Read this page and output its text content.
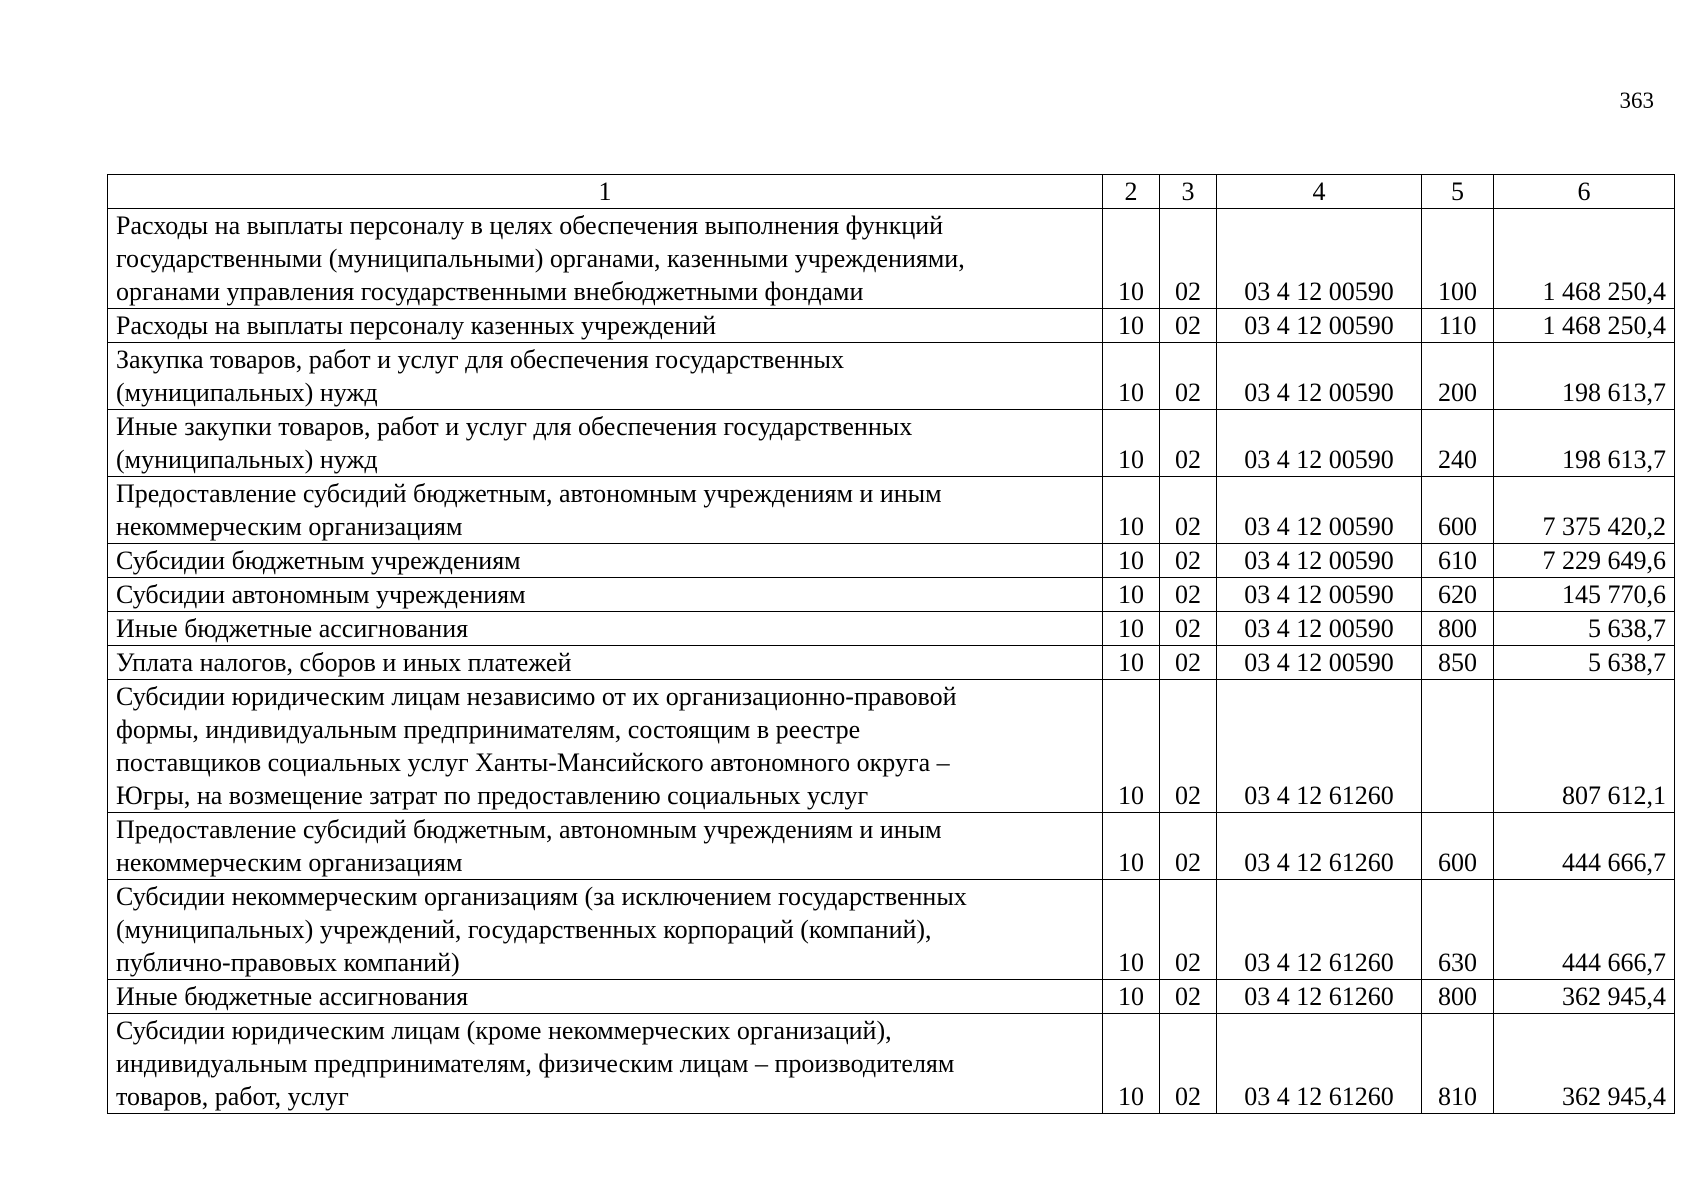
363
1	2	3	4	5	6

Расходы на выплаты персоналу в целях обеспечения выполнения функций
государственными (муниципальными) органами, казенными учреждениями,
органами управления государственными внебюджетными фондами	10	02	03 4 12 00590	100	1 468 250,4

Расходы на выплаты персоналу казенных учреждений	10	02	03 4 12 00590	110	1 468 250,4

Закупка товаров, работ и услуг для обеспечения государственных
(муниципальных) нужд	10	02	03 4 12 00590	200	198 613,7

Иные закупки товаров, работ и услуг для обеспечения государственных
(муниципальных) нужд	10	02	03 4 12 00590	240	198 613,7

Предоставление субсидий бюджетным, автономным учреждениям и иным
некоммерческим организациям	10	02	03 4 12 00590	600	7 375 420,2

Субсидии бюджетным учреждениям	10	02	03 4 12 00590	610	7 229 649,6

Субсидии автономным учреждениям	10	02	03 4 12 00590	620	145 770,6

Иные бюджетные ассигнования	10	02	03 4 12 00590	800	5 638,7

Уплата налогов, сборов и иных платежей	10	02	03 4 12 00590	850	5 638,7

Субсидии юридическим лицам независимо от их организационно-правовой
формы, индивидуальным предпринимателям, состоящим в реестре
поставщиков социальных услуг Ханты-Мансийского автономного округа –
Югры, на возмещение затрат по предоставлению социальных услуг	10	02	03 4 12 61260		807 612,1

Предоставление субсидий бюджетным, автономным учреждениям и иным
некоммерческим организациям	10	02	03 4 12 61260	600	444 666,7

Субсидии некоммерческим организациям (за исключением государственных
(муниципальных) учреждений, государственных корпораций (компаний),
публично-правовых компаний)	10	02	03 4 12 61260	630	444 666,7

Иные бюджетные ассигнования	10	02	03 4 12 61260	800	362 945,4

Субсидии юридическим лицам (кроме некоммерческих организаций),
индивидуальным предпринимателям, физическим лицам – производителям
товаров, работ, услуг	10	02	03 4 12 61260	810	362 945,4
